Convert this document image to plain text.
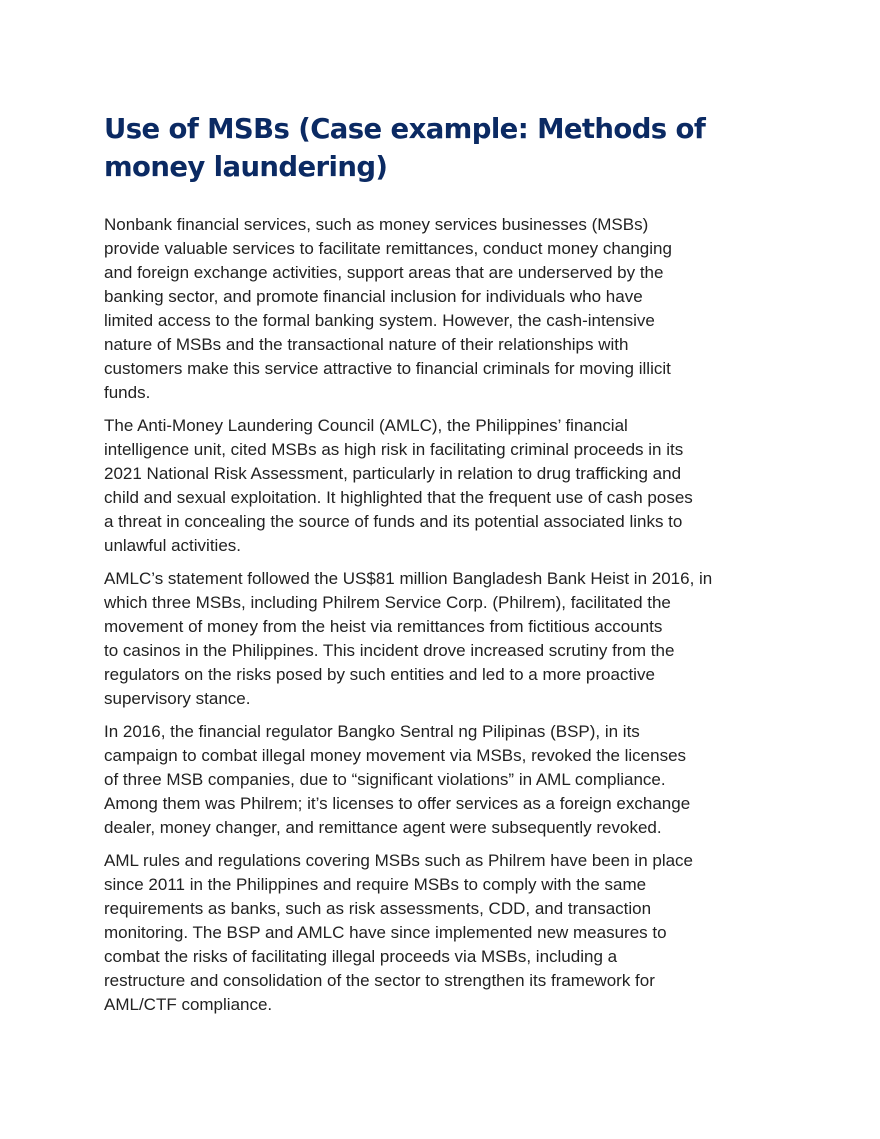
Use of MSBs (Case example: Methods of
money laundering)

Nonbank financial services, such as money services businesses (MSBs)
provide valuable services to facilitate remittances, conduct money changing
and foreign exchange activities, support areas that are underserved by the
banking sector, and promote financial inclusion for individuals who have
limited access to the formal banking system. However, the cash-intensive
nature of MSBs and the transactional nature of their relationships with
customers make this service attractive to financial criminals for moving illicit
funds.

The Anti-Money Laundering Council (AMLC), the Philippines’ financial
intelligence unit, cited MSBs as high risk in facilitating criminal proceeds in its
2021 National Risk Assessment, particularly in relation to drug trafficking and
child and sexual exploitation. It highlighted that the frequent use of cash poses
a threat in concealing the source of funds and its potential associated links to
unlawful activities.

AMLC’s statement followed the US$81 million Bangladesh Bank Heist in 2016, in
which three MSBs, including Philrem Service Corp. (Philrem), facilitated the
movement of money from the heist via remittances from fictitious accounts
to casinos in the Philippines. This incident drove increased scrutiny from the
regulators on the risks posed by such entities and led to a more proactive
supervisory stance.

In 2016, the financial regulator Bangko Sentral ng Pilipinas (BSP), in its
campaign to combat illegal money movement via MSBs, revoked the licenses
of three MSB companies, due to “significant violations” in AML compliance.
Among them was Philrem; it’s licenses to offer services as a foreign exchange
dealer, money changer, and remittance agent were subsequently revoked.

AML rules and regulations covering MSBs such as Philrem have been in place
since 2011 in the Philippines and require MSBs to comply with the same
requirements as banks, such as risk assessments, CDD, and transaction
monitoring. The BSP and AMLC have since implemented new measures to
combat the risks of facilitating illegal proceeds via MSBs, including a
restructure and consolidation of the sector to strengthen its framework for
AML/CTF compliance.
